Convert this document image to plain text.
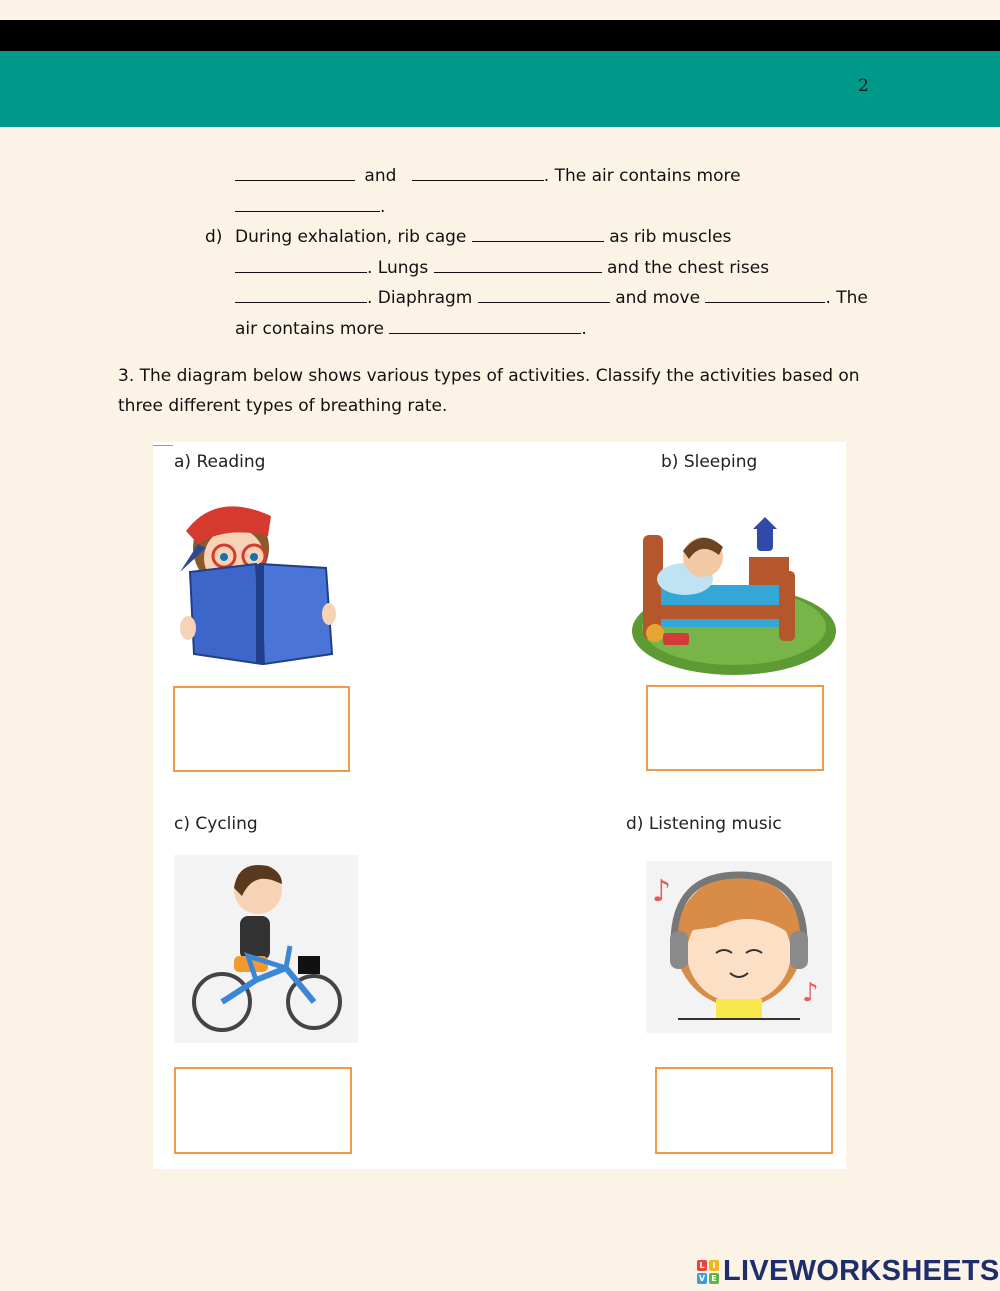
2
and	. The air contains more
.
d) During exhalation, rib cage	as rib muscles
. Lungs	and the chest rises
. Diaphragm	and move	. The
air contains more	.
3. The diagram below shows various types of activities. Classify the activities based on
three different types of breathing rate.
a) Reading	b) Sleeping
c) Cycling	d) Listening music
♪
♪
L I
V E LIVEWORKSHEETS
